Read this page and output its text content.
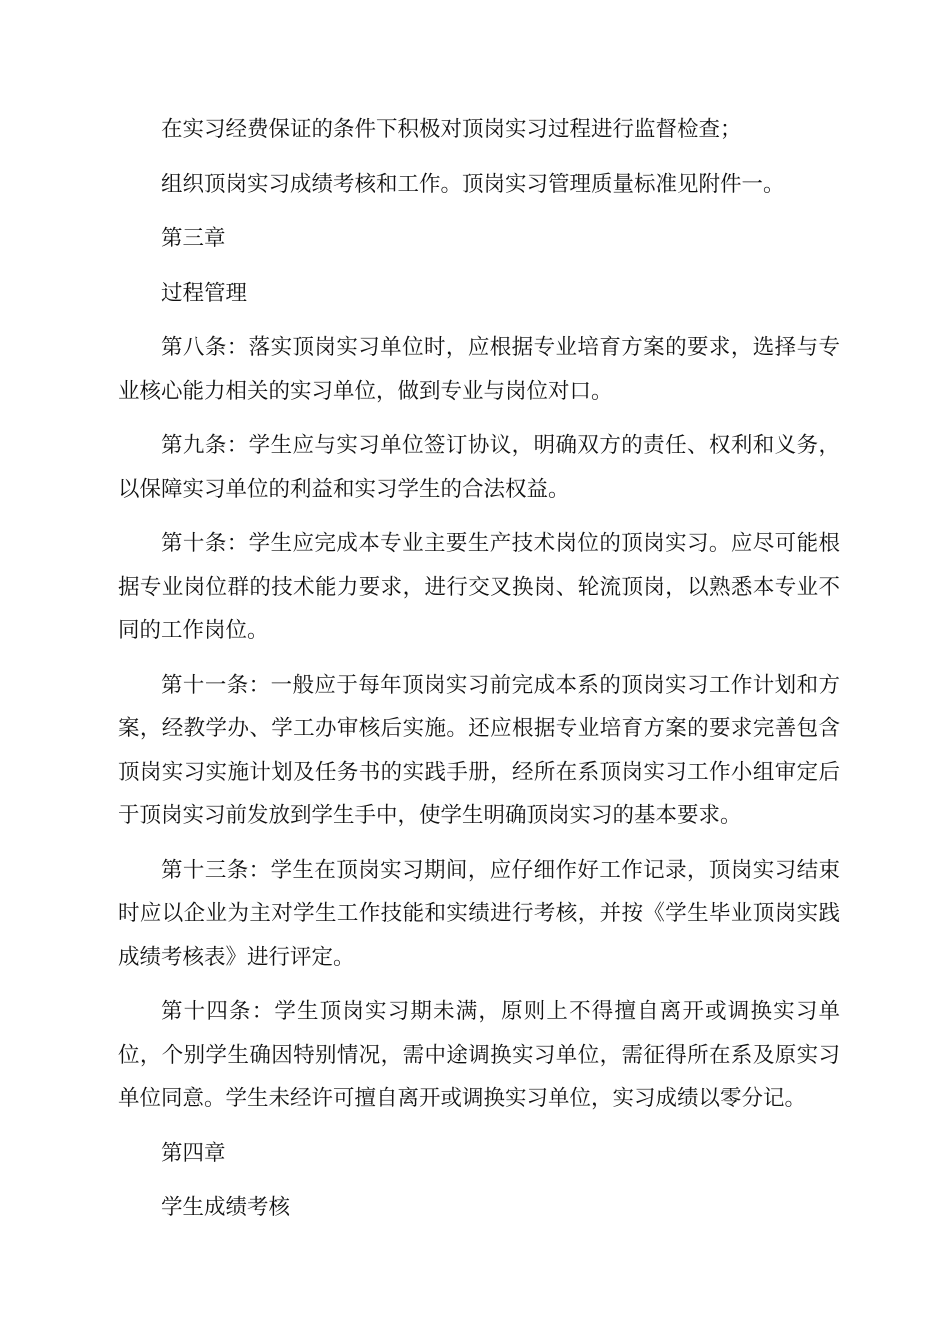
在实习经费保证的条件下积极对顶岗实习过程进行监督检查；

组织顶岗实习成绩考核和工作。顶岗实习管理质量标准见附件一。

第三章

过程管理

第八条：落实顶岗实习单位时，应根据专业培育方案的要求，选择与专业核心能力相关的实习单位，做到专业与岗位对口。

第九条：学生应与实习单位签订协议，明确双方的责任、权利和义务，以保障实习单位的利益和实习学生的合法权益。

第十条：学生应完成本专业主要生产技术岗位的顶岗实习。应尽可能根据专业岗位群的技术能力要求，进行交叉换岗、轮流顶岗，以熟悉本专业不同的工作岗位。

第十一条：一般应于每年顶岗实习前完成本系的顶岗实习工作计划和方案，经教学办、学工办审核后实施。还应根据专业培育方案的要求完善包含顶岗实习实施计划及任务书的实践手册，经所在系顶岗实习工作小组审定后于顶岗实习前发放到学生手中，使学生明确顶岗实习的基本要求。

第十三条：学生在顶岗实习期间，应仔细作好工作记录，顶岗实习结束时应以企业为主对学生工作技能和实绩进行考核，并按《学生毕业顶岗实践成绩考核表》进行评定。

第十四条：学生顶岗实习期未满，原则上不得擅自离开或调换实习单位，个别学生确因特别情况，需中途调换实习单位，需征得所在系及原实习单位同意。学生未经许可擅自离开或调换实习单位，实习成绩以零分记。

第四章

学生成绩考核
